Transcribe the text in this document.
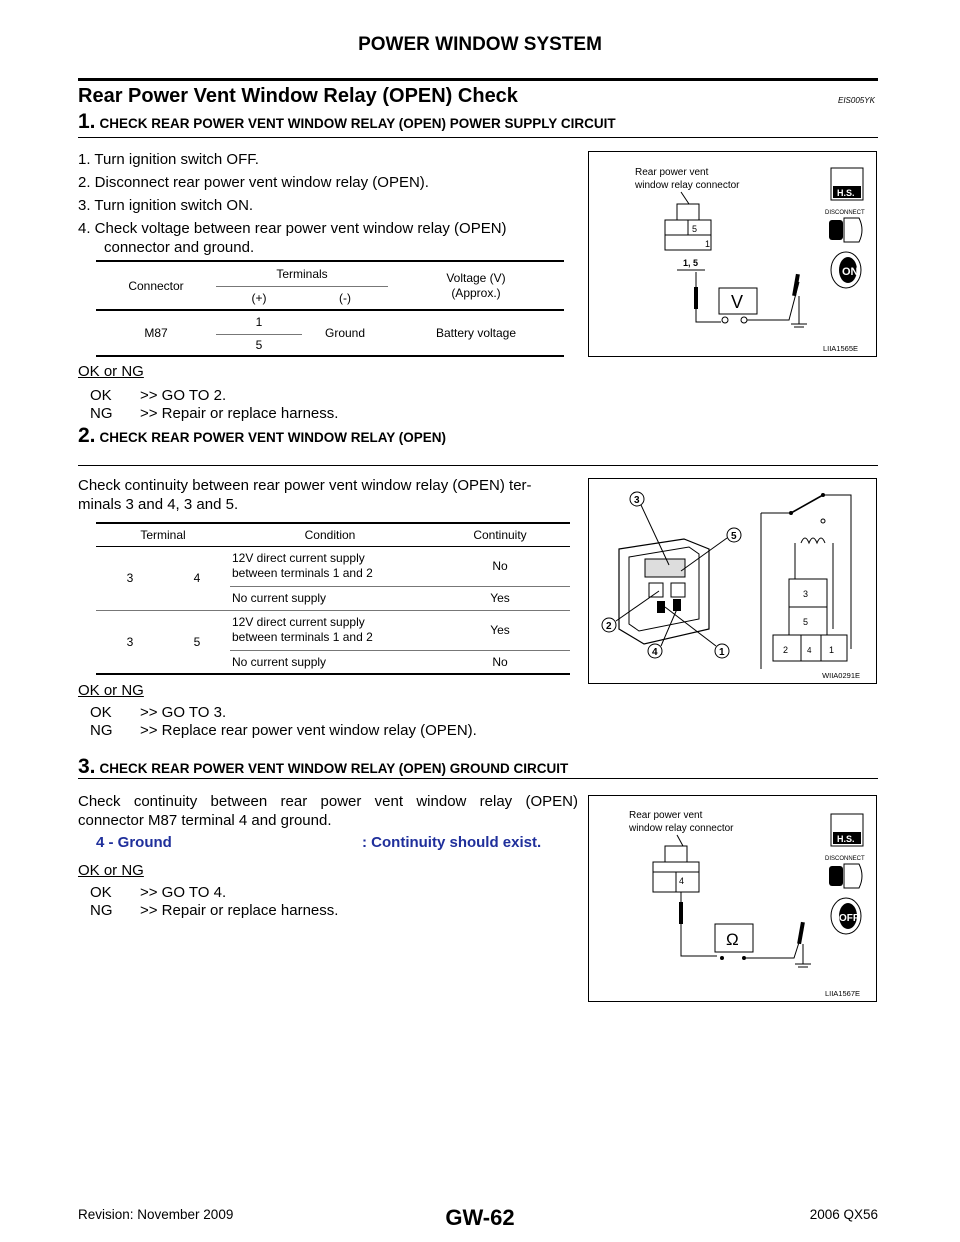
POWER WINDOW SYSTEM
Rear Power Vent Window Relay (OPEN) Check	EIS005YK
1. CHECK REAR POWER VENT WINDOW RELAY (OPEN) POWER SUPPLY CIRCUIT
1. Turn ignition switch OFF.
2. Disconnect rear power vent window relay (OPEN).
3. Turn ignition switch ON.
4. Check voltage between rear power vent window relay (OPEN)
connector and ground.

Connector	Terminals		Voltage (V)
(Approx.)
	(+)	(-)	
M87	1	Ground	Battery voltage
	5		
OK or NG
OK >> GO TO 2.
NG >> Repair or replace harness.
Rear power vent
window relay connector
5
1
1, 5
V
H.S.
DISCONNECT
ON
LIIA1565E
2. CHECK REAR POWER VENT WINDOW RELAY (OPEN)
Check continuity between rear power vent window relay (OPEN) ter-
minals 3 and 4, 3 and 5.

Terminal		Condition	Continuity
3	4	12V direct current supply
between terminals 1 and 2	No
		No current supply	Yes
3	5	12V direct current supply
between terminals 1 and 2	Yes
		No current supply	No
OK or NG
OK >> GO TO 3.
NG >> Replace rear power vent window relay (OPEN).
3
5
2
4	1
3
5
2 4 1
WIIA0291E
3. CHECK REAR POWER VENT WINDOW RELAY (OPEN) GROUND CIRCUIT
Check continuity between rear power vent window relay (OPEN)
connector M87 terminal 4 and ground.
4 - Ground	: Continuity should exist.
OK or NG
OK >> GO TO 4.
NG >> Repair or replace harness.
Rear power vent
window relay connector
4
Ω
H.S.
DISCONNECT
OFF
LIIA1567E
Revision: November 2009	GW-62	2006 QX56
